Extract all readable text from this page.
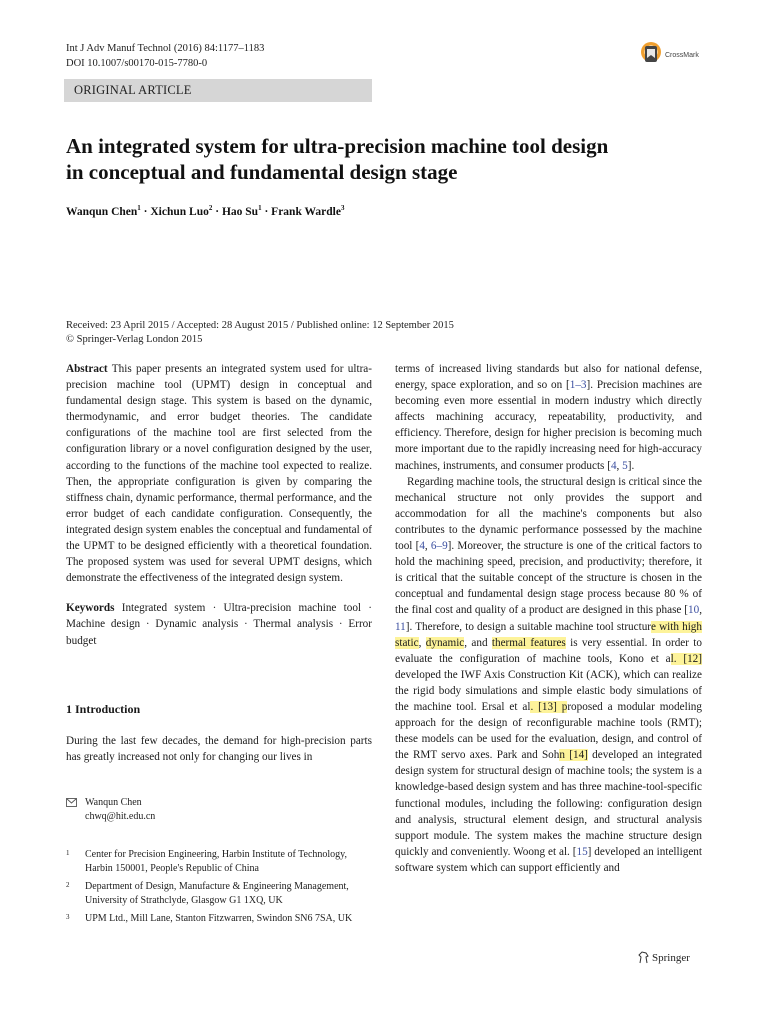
Int J Adv Manuf Technol (2016) 84:1177–1183
DOI 10.1007/s00170-015-7780-0
CrossMark
ORIGINAL ARTICLE
An integrated system for ultra-precision machine tool design
in conceptual and fundamental design stage
Wanqun Chen$^1$ · Xichun Luo$^2$ · Hao $Su^1$ · Frank Wardle$^3$
Received: 23 April 2015 / Accepted: 28 August 2015 / Published online: 12 September 2015
© Springer-Verlag London 2015

Abstract This paper presents an integrated system used for ultra-precision machine tool (UPMT) design in conceptual and fundamental design stage. This system is based on the dynamic, thermodynamic, and error budget theories. The candidate configurations of the machine tool are first selected from the configuration library or a novel configuration designed by the user, according to the functions of the machine tool expected to realize. Then, the appropriate configuration is given by comparing the stiffness chain, dynamic performance, thermal performance, and the error budget of each candidate configuration. Consequently, the integrated design system enables the conceptual and fundamental of the UPMT to be designed efficiently with a theoretical foundation. The proposed system was used for several UPMT designs, which demonstrate the effectiveness of the integrated design system.

Keywords Integrated system · Ultra-precision machine tool · Machine design · Dynamic analysis · Thermal analysis · Error budget

1 Introduction

During the last few decades, the demand for high-precision parts has greatly increased not only for changing our lives in

Wanqun Chen
chwq@hit.edu.cn
1 Center for Precision Engineering, Harbin Institute of Technology,
Harbin 150001, People's Republic of China
2 Department of Design, Manufacture & Engineering Management,
University of Strathclyde, Glasgow G1 1XQ, UK
3 UPM Ltd., Mill Lane, Stanton Fitzwarren, Swindon SN6 7SA, UK

terms of increased living standards but also for national defense, energy, space exploration, and so on [1–3]. Precision machines are becoming even more essential in modern industry which directly affects machining accuracy, repeatability, productivity, and efficiency. Therefore, design for higher precision is becoming much more important due to the rapidly increasing need for high-accuracy machines, instruments, and consumer products [4, 5].

Regarding machine tools, the structural design is critical since the mechanical structure not only provides the support and accommodation for all the machine's components but also contributes to the dynamic performance possessed by the machine tool [4, 6–9]. Moreover, the structure is one of the critical factors to hold the machining speed, precision, and productivity; therefore, it is critical that the suitable concept of the structure is chosen in the conceptual and fundamental design stage process because 80 % of the final cost and quality of a product are designed in this phase [10, 11]. Therefore, to design a suitable machine tool structure with high static, dynamic, and thermal features is very essential. In order to evaluate the configuration of machine tools, Kono et al. [12] developed the IWF Axis Construction Kit (ACK), which can realize the rigid body simulations and simple elastic body simulations of the machine tool. Ersal et al. [13] proposed a modular modeling approach for the design of reconfigurable machine tools (RMT); these models can be used for the evaluation, design, and control of the RMT servo axes. Park and Sohn [14] developed an integrated design system for structural design of machine tools; the system is a knowledge-based design system and has three machine-tool-specific functional modules, including the following: configuration design and analysis, structural element design, and structural analysis support module. The system makes the machine structure design quickly and conveniently. Woong et al. [15] developed an intelligent software system which can support efficiently and

Springer
